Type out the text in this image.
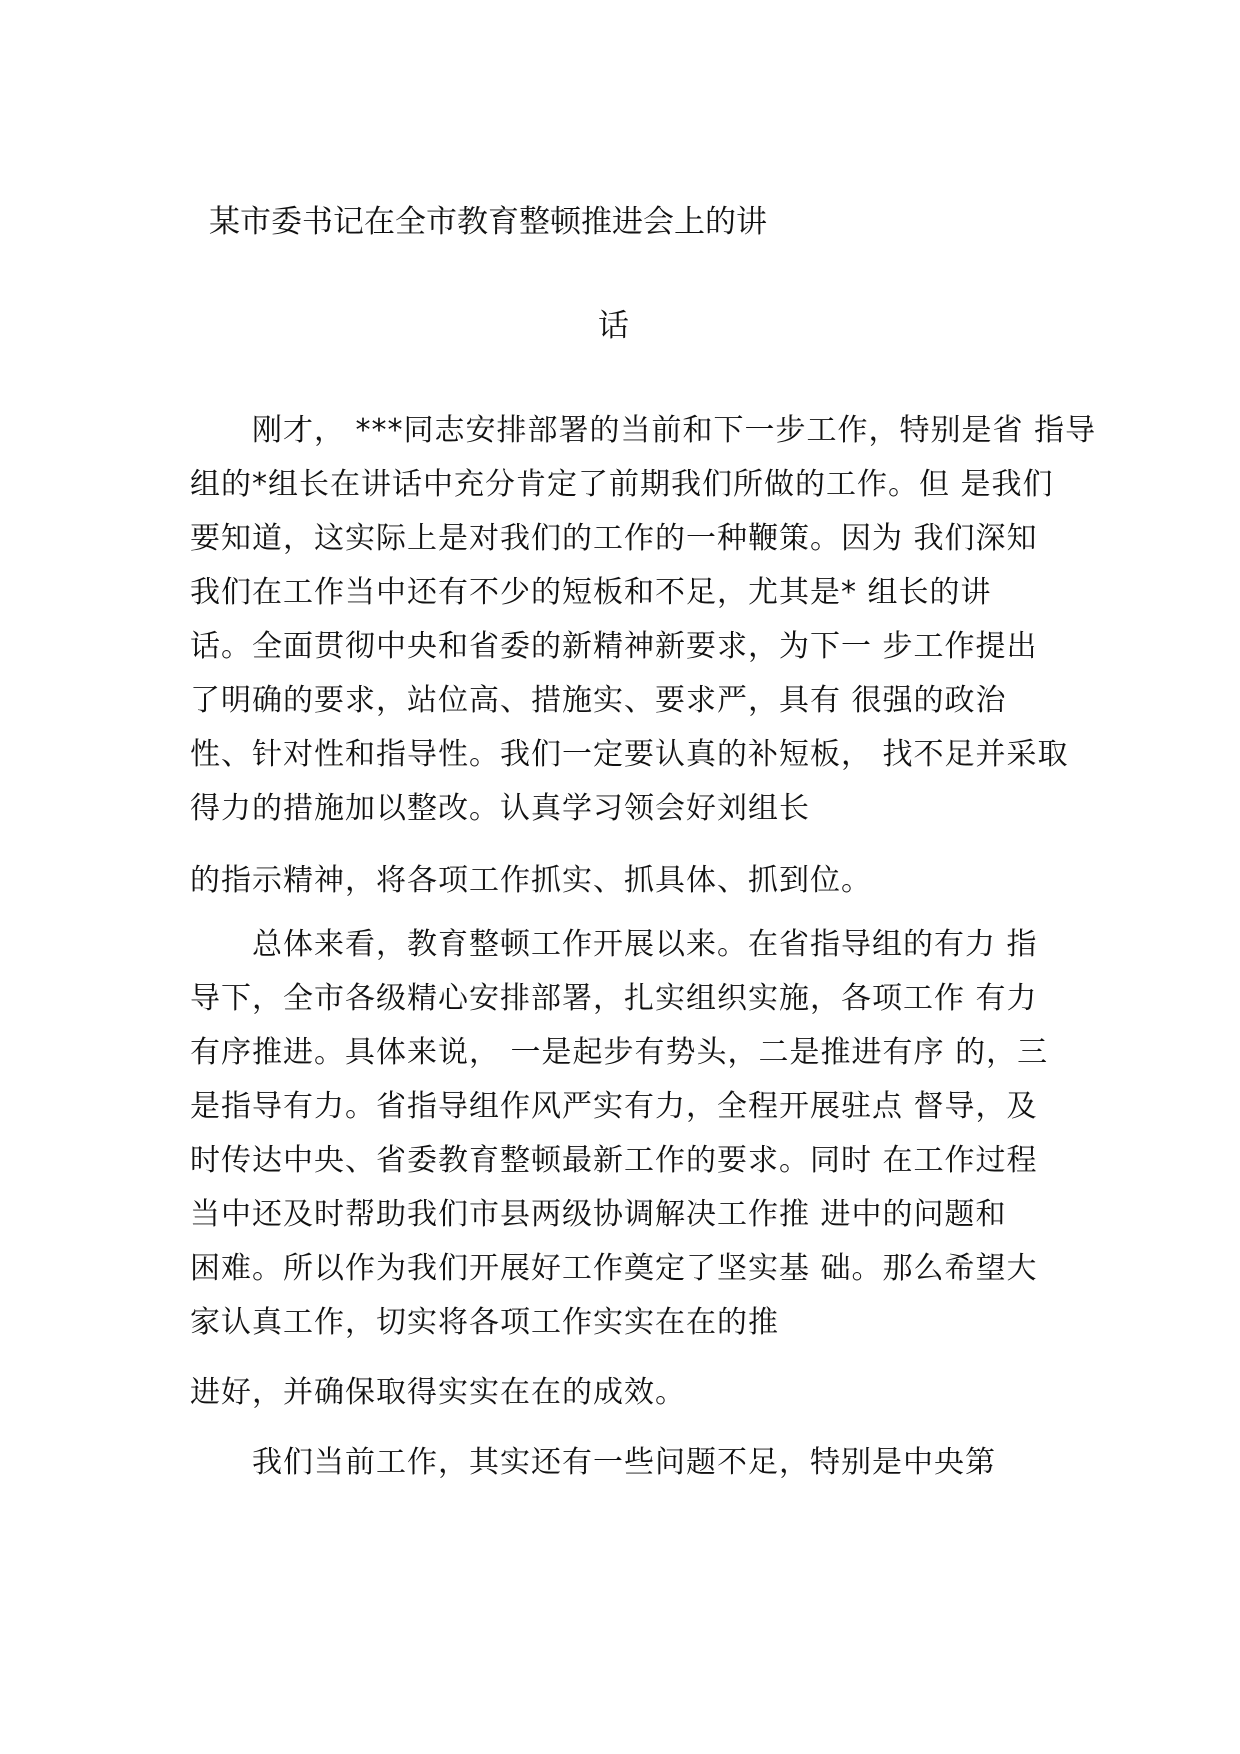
某市委书记在全市教育整顿推进会上的讲
话
　　刚才， ***同志安排部署的当前和下一步工作，特别是省 指导
组的*组长在讲话中充分肯定了前期我们所做的工作。但 是我们
要知道，这实际上是对我们的工作的一种鞭策。因为 我们深知
我们在工作当中还有不少的短板和不足，尤其是* 组长的讲
话。全面贯彻中央和省委的新精神新要求，为下一 步工作提出
了明确的要求，站位高、措施实、要求严，具有 很强的政治
性、针对性和指导性。我们一定要认真的补短板， 找不足并采取
得力的措施加以整改。认真学习领会好刘组长
的指示精神，将各项工作抓实、抓具体、抓到位。
　　总体来看，教育整顿工作开展以来。在省指导组的有力 指
导下，全市各级精心安排部署，扎实组织实施，各项工作 有力
有序推进。具体来说， 一是起步有势头，二是推进有序 的，三
是指导有力。省指导组作风严实有力，全程开展驻点 督导，及
时传达中央、省委教育整顿最新工作的要求。同时 在工作过程
当中还及时帮助我们市县两级协调解决工作推 进中的问题和
困难。所以作为我们开展好工作奠定了坚实基 础。那么希望大
家认真工作，切实将各项工作实实在在的推
进好，并确保取得实实在在的成效。
　　我们当前工作，其实还有一些问题不足，特别是中央第
